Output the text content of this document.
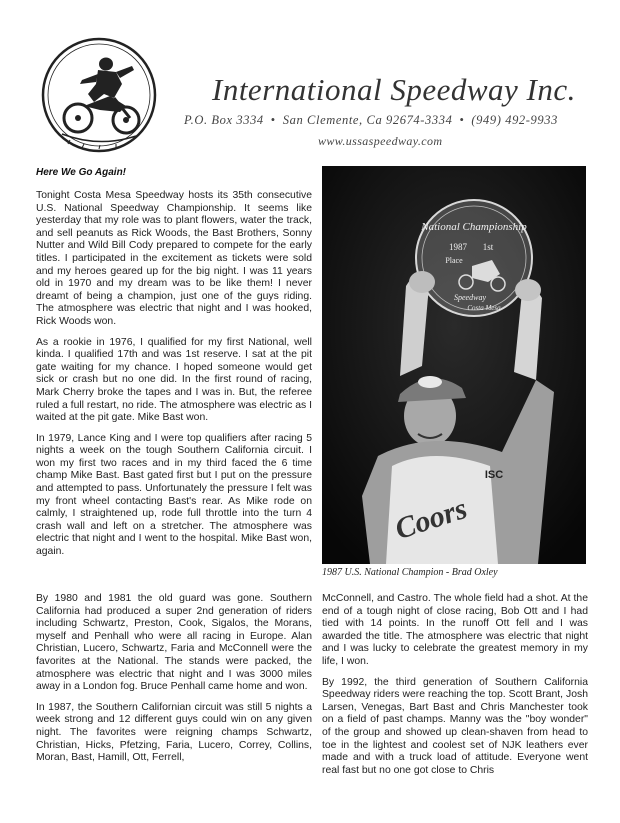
International Speedway Inc.
P.O. Box 3334 • San Clemente, Ca 92674-3334 • (949) 492-9933
www.ussaspeedway.com
Here We Go Again!

Tonight Costa Mesa Speedway hosts its 35th consecutive U.S. National Speedway Championship. It seems like yesterday that my role was to plant flowers, water the track, and sell peanuts as Rick Woods, the Bast Brothers, Sonny Nutter and Wild Bill Cody prepared to compete for the early titles. I participated in the excitement as tickets were sold and my heroes geared up for the big night. I was 11 years old in 1970 and my dream was to be like them! I never dreamt of being a champion, just one of the guys riding. The atmosphere was electric that night and I was hooked, Rick Woods won.

As a rookie in 1976, I qualified for my first National, well kinda. I qualified 17th and was 1st reserve. I sat at the pit gate waiting for my chance. I hoped someone would get sick or crash but no one did. In the first round of racing, Mark Cherry broke the tapes and I was in. But, the referee ruled a full restart, no ride. The atmosphere was electric as I waited at the pit gate. Mike Bast won.

In 1979, Lance King and I were top qualifiers after racing 5 nights a week on the tough Southern California circuit. I won my first two races and in my third faced the 6 time champ Mike Bast. Bast gated first but I put on the pressure and attempted to pass. Unfortunately the pressure I felt was my front wheel contacting Bast's rear. As Mike rode on calmly, I straightened up, rode full throttle into the turn 4 crash wall and left on a stretcher. The atmosphere was electric that night and I went to the hospital. Mike Bast won, again.

National Championship
1987 1st
Place
Speedway
Costa Mesa
Coors
ISC
1987 U.S. National Champion - Brad Oxley

By 1980 and 1981 the old guard was gone. Southern California had produced a super 2nd generation of riders including Schwartz, Preston, Cook, Sigalos, the Morans, myself and Penhall who were all racing in Europe. Alan Christian, Lucero, Schwartz, Faria and McConnell were the favorites at the National. The stands were packed, the atmosphere was electric that night and I was 3000 miles away in a London fog. Bruce Penhall came home and won.

In 1987, the Southern Californian circuit was still 5 nights a week strong and 12 different guys could win on any given night. The favorites were reigning champs Schwartz, Christian, Hicks, Pfetzing, Faria, Lucero, Correy, Collins, Moran, Bast, Hamill, Ott, Ferrell,

McConnell, and Castro. The whole field had a shot. At the end of a tough night of close racing, Bob Ott and I had tied with 14 points. In the runoff Ott fell and I was awarded the title. The atmosphere was electric that night and I was lucky to celebrate the greatest memory in my life, I won.

By 1992, the third generation of Southern California Speedway riders were reaching the top. Scott Brant, Josh Larsen, Venegas, Bart Bast and Chris Manchester took on a field of past champs. Manny was the "boy wonder" of the group and showed up clean-shaven from head to toe in the lightest and coolest set of NJK leathers ever made and with a truck load of attitude. Everyone went real fast but no one got close to Chris
